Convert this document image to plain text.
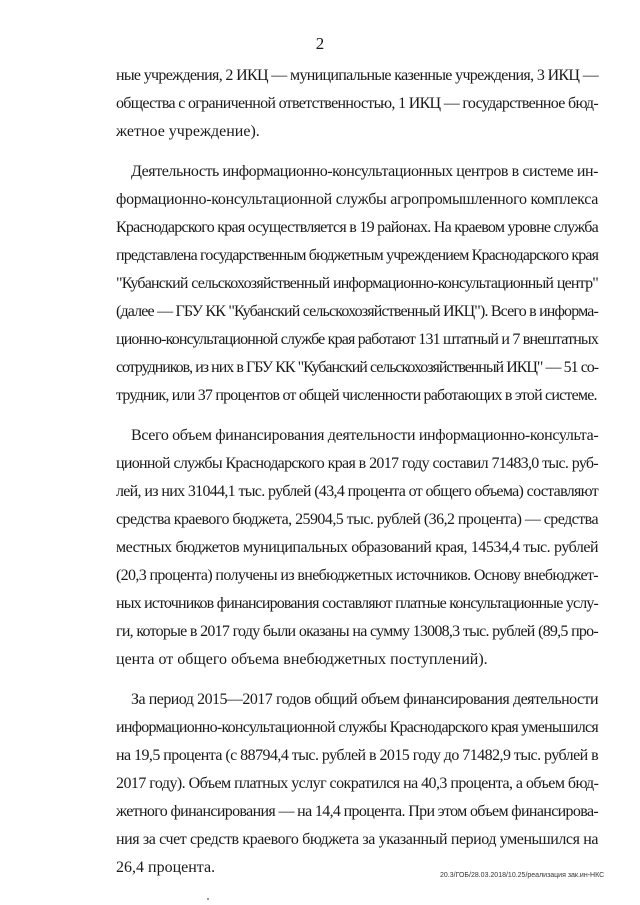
2

ные учреждения, 2 ИКЦ — муниципальные казенные учреждения, 3 ИКЦ —
общества с ограниченной ответственностью, 1 ИКЦ — государственное бюд-
жетное учреждение).

Деятельность информационно-консультационных центров в системе ин-
формационно-консультационной службы агропромышленного комплекса
Краснодарского края осуществляется в 19 районах. На краевом уровне служба
представлена государственным бюджетным учреждением Краснодарского края
"Кубанский сельскохозяйственный информационно-консультационный центр"
(далее — ГБУ КК "Кубанский сельскохозяйственный ИКЦ"). Всего в информа-
ционно-консультационной службе края работают 131 штатный и 7 внештатных
сотрудников, из них в ГБУ КК "Кубанский сельскохозяйственный ИКЦ" — 51 со-
трудник, или 37 процентов от общей численности работающих в этой системе.

Всего объем финансирования деятельности информационно-консульта-
ционной службы Краснодарского края в 2017 году составил 71483,0 тыс. руб-
лей, из них 31044,1 тыс. рублей (43,4 процента от общего объема) составляют
средства краевого бюджета, 25904,5 тыс. рублей (36,2 процента) — средства
местных бюджетов муниципальных образований края, 14534,4 тыс. рублей
(20,3 процента) получены из внебюджетных источников. Основу внебюджет-
ных источников финансирования составляют платные консультационные услу-
ги, которые в 2017 году были оказаны на сумму 13008,3 тыс. рублей (89,5 про-
цента от общего объема внебюджетных поступлений).

За период 2015—2017 годов общий объем финансирования деятельности
информационно-консультационной службы Краснодарского края уменьшился
на 19,5 процента (с 88794,4 тыс. рублей в 2015 году до 71482,9 тыс. рублей в
2017 году). Объем платных услуг сократился на 40,3 процента, а объем бюд-
жетного финансирования — на 14,4 процента. При этом объем финансирова-
ния за счет средств краевого бюджета за указанный период уменьшился на
26,4 процента.	20.3/ГОБ/28.03.2018/10.25/реализация зак.ин-НКС
